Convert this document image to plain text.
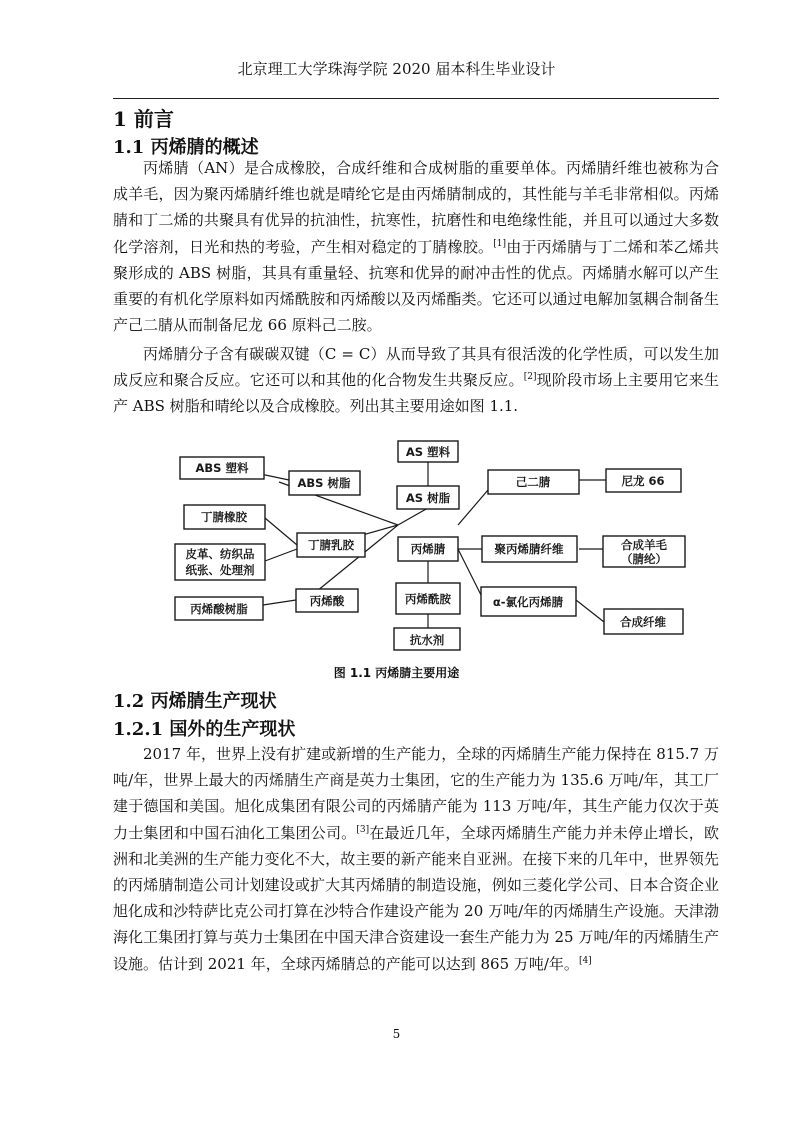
北京理工大学珠海学院 2020 届本科生毕业设计
1 前言
1.1 丙烯腈的概述
丙烯腈（AN）是合成橡胶，合成纤维和合成树脂的重要单体。丙烯腈纤维也被称为合成羊毛，因为聚丙烯腈纤维也就是晴纶它是由丙烯腈制成的，其性能与羊毛非常相似。丙烯腈和丁二烯的共聚具有优异的抗油性，抗寒性，抗磨性和电绝缘性能，并且可以通过大多数化学溶剂，日光和热的考验，产生相对稳定的丁腈橡胶。[1]由于丙烯腈与丁二烯和苯乙烯共聚形成的 ABS 树脂，其具有重量轻、抗寒和优异的耐冲击性的优点。丙烯腈水解可以产生重要的有机化学原料如丙烯酰胺和丙烯酸以及丙烯酯类。它还可以通过电解加氢耦合制备生产己二腈从而制备尼龙 66 原料己二胺。
丙烯腈分子含有碳碳双键（C = C）从而导致了其具有很活泼的化学性质，可以发生加成反应和聚合反应。它还可以和其他的化合物发生共聚反应。[2]现阶段市场上主要用它来生产 ABS 树脂和晴纶以及合成橡胶。列出其主要用途如图 1.1.
丙烯腈
AS 塑料
AS 树脂
ABS 塑料
ABS 树脂
丁腈橡胶
丁腈乳胶
皮革、纺织品
纸张、处理剂
丙烯酸
丙烯酸树脂
丙烯酰胺
抗水剂
己二腈	尼龙 66
聚丙烯腈纤维	合成羊毛
（腈纶）
α-氯化丙烯腈
合成纤维
图 1.1 丙烯腈主要用途
1.2 丙烯腈生产现状
1.2.1 国外的生产现状
2017 年，世界上没有扩建或新增的生产能力，全球的丙烯腈生产能力保持在 815.7 万吨/年，世界上最大的丙烯腈生产商是英力士集团，它的生产能力为 135.6 万吨/年，其工厂建于德国和美国。旭化成集团有限公司的丙烯腈产能为 113 万吨/年，其生产能力仅次于英力士集团和中国石油化工集团公司。[3]在最近几年，全球丙烯腈生产能力并未停止增长，欧洲和北美洲的生产能力变化不大，故主要的新产能来自亚洲。在接下来的几年中，世界领先的丙烯腈制造公司计划建设或扩大其丙烯腈的制造设施，例如三菱化学公司、日本合资企业旭化成和沙特萨比克公司打算在沙特合作建设产能为 20 万吨/年的丙烯腈生产设施。天津渤海化工集团打算与英力士集团在中国天津合资建设一套生产能力为 25 万吨/年的丙烯腈生产设施。估计到 2021 年，全球丙烯腈总的产能可以达到 865 万吨/年。[4]
5
